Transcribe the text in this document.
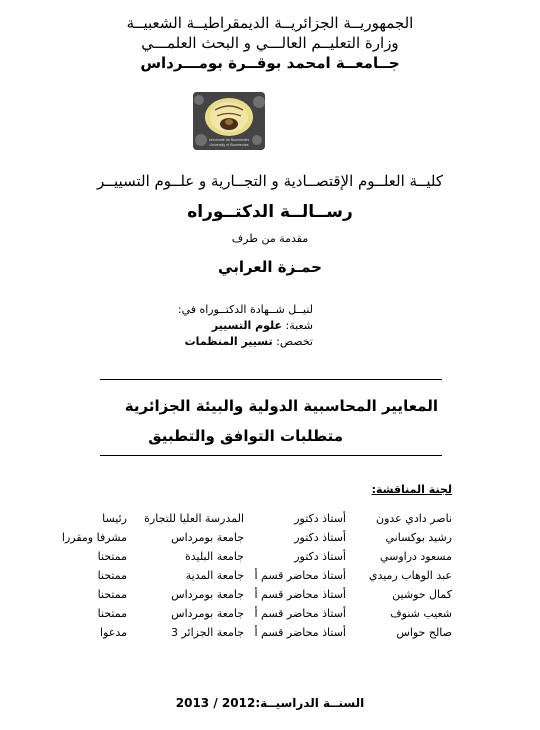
الجمهوريــة الجزائريــة الديمقراطيــة الشعبيــة
وزارة التعليــم العالـــي و البحث العلمـــي
جــامعــة امحمد بوقــرة بومـــرداس
Université de Boumerdès
University of Boumerdes
كليــة العلــوم الإقتصــادية و التجــارية و علــوم التسييــر
رســالــة الدكتــوراه
مقدمة من طرف
حمـزة العرابي
لنيــل شــهادة الدكتــوراه في:
شعبة: علوم التسيير
تخصص: تسيير المنظمات
المعايير المحاسبية الدولية والبيئة الجزائرية
متطلبات التوافق والتطبيق
لجنة المناقشة:
ناصر دادي عدون
أستاذ دكتور
المدرسة العليا للتجارة
رئيسا
رشيد بوكساني
أستاذ دكتور
جامعة بومرداس
مشرفا ومقررا
مسعود دراوسي
أستاذ دكتور
جامعة البليدة
ممتحنا
عبد الوهاب رميدي
أستاذ محاضر قسم أ
جامعة المدية
ممتحنا
كمال حوشين
أستاذ محاضر قسم أ
جامعة بومرداس
ممتحنا
شعيب شنوف
أستاذ محاضر قسم أ
جامعة بومرداس
ممتحنا
صالح حواس
أستاذ محاضر قسم أ
جامعة الجزائر 3
مدعوا
السنــة الدراسيــة:2012 / 2013
